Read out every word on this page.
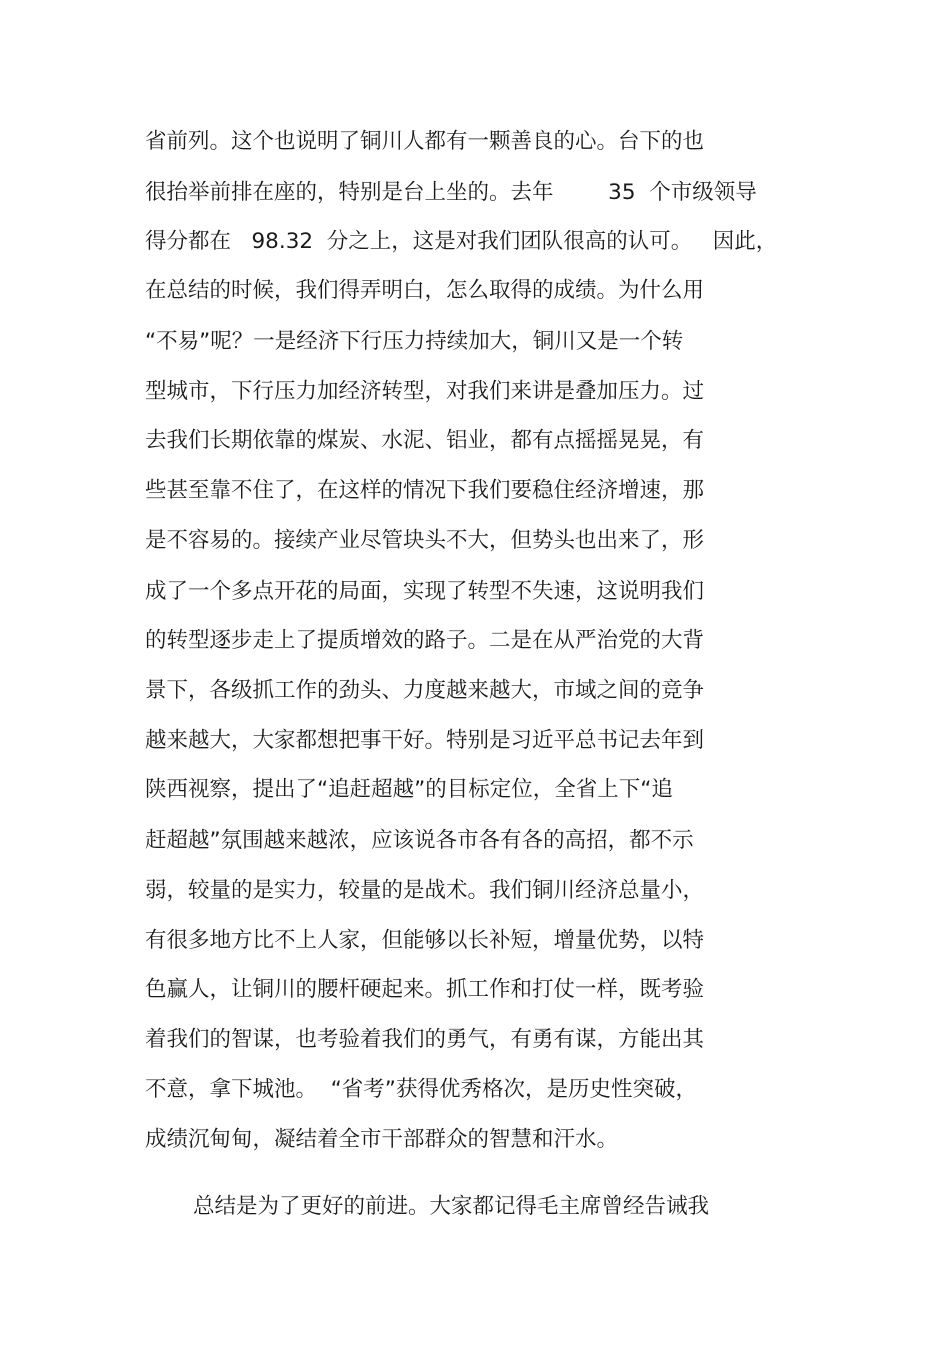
省前列。这个也说明了铜川人都有一颗善良的心。台下的也
很抬举前排在座的，特别是台上坐的。去年        35  个市级领导
得分都在   98.32  分之上，这是对我们团队很高的认可。   因此，
在总结的时候，我们得弄明白，怎么取得的成绩。为什么用
“不易”呢？一是经济下行压力持续加大，铜川又是一个转
型城市，下行压力加经济转型，对我们来讲是叠加压力。过
去我们长期依靠的煤炭、水泥、铝业，都有点摇摇晃晃，有
些甚至靠不住了，在这样的情况下我们要稳住经济增速，那
是不容易的。接续产业尽管块头不大，但势头也出来了，形
成了一个多点开花的局面，实现了转型不失速，这说明我们
的转型逐步走上了提质增效的路子。二是在从严治党的大背
景下，各级抓工作的劲头、力度越来越大，市域之间的竞争
越来越大，大家都想把事干好。特别是习近平总书记去年到
陕西视察，提出了“追赶超越”的目标定位，全省上下“追
赶超越”氛围越来越浓，应该说各市各有各的高招，都不示
弱，较量的是实力，较量的是战术。我们铜川经济总量小，
有很多地方比不上人家，但能够以长补短，增量优势，以特
色赢人，让铜川的腰杆硬起来。抓工作和打仗一样，既考验
着我们的智谋，也考验着我们的勇气，有勇有谋，方能出其
不意，拿下城池。  “省考”获得优秀格次，是历史性突破，
成绩沉甸甸，凝结着全市干部群众的智慧和汗水。
总结是为了更好的前进。大家都记得毛主席曾经告诫我
